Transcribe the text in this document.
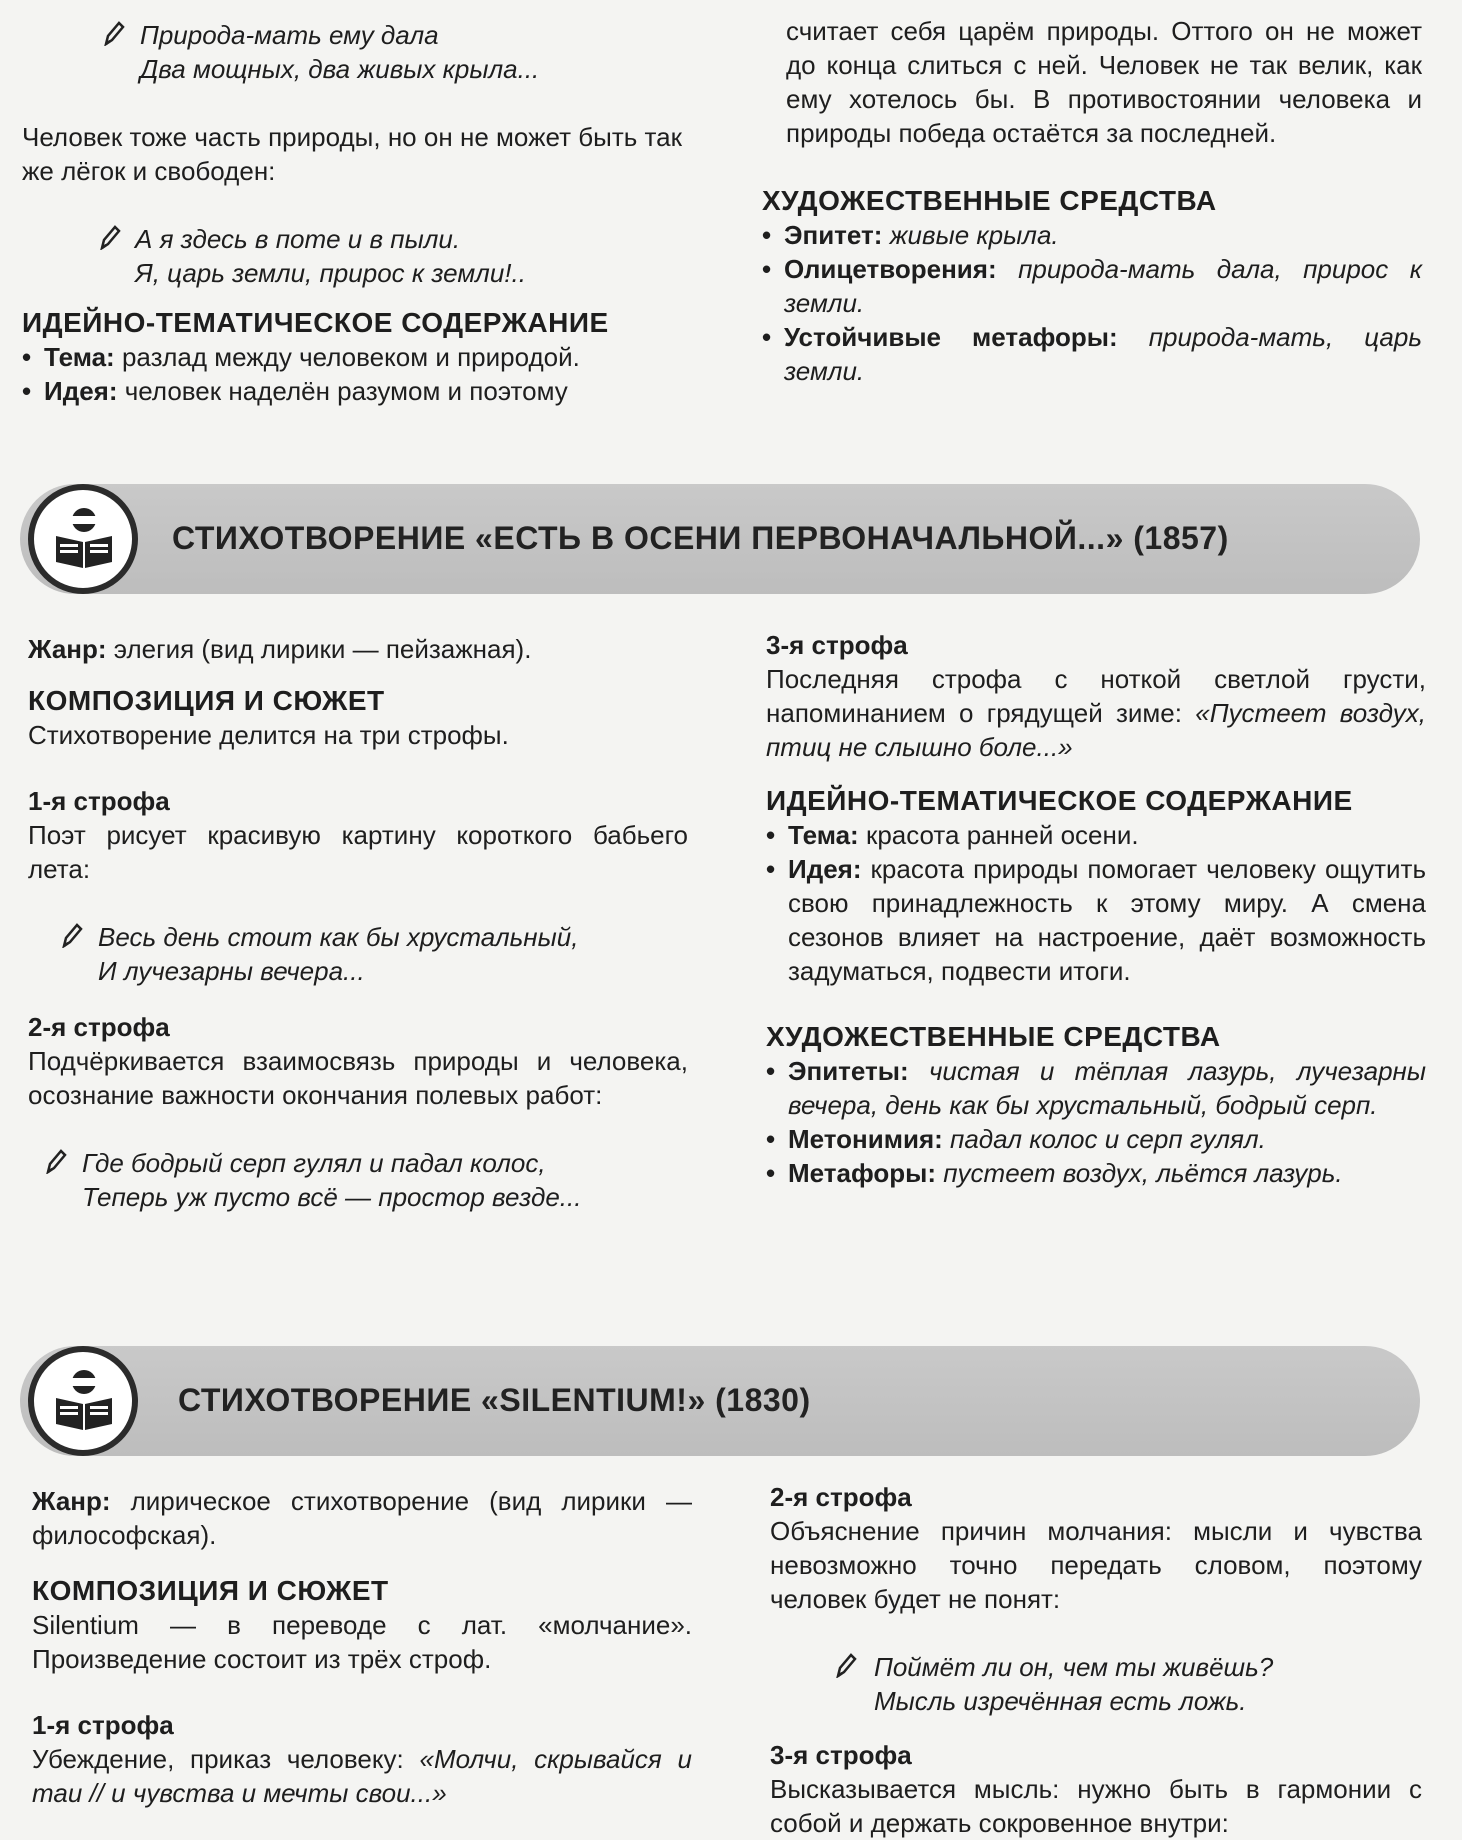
Природа-мать ему дала

Два мощных, два живых крыла...

Человек тоже часть природы, но он не может быть так же лёгок и свободен:

А я здесь в поте и в пыли.

Я, царь земли, прирос к земли!..

ИДЕЙНО-ТЕМАТИЧЕСКОЕ СОДЕРЖАНИЕ
• Тема: разлад между человеком и природой.
• Идея: человек наделён разумом и поэтому

считает себя царём природы. Оттого он не может до конца слиться с ней. Человек не так велик, как ему хотелось бы. В противостоянии человека и природы победа остаётся за последней.

ХУДОЖЕСТВЕННЫЕ СРЕДСТВА
• Эпитет: живые крыла.
• Олицетворения: природа-мать дала, прирос к земли.
• Устойчивые метафоры: природа-мать, царь земли.
СТИХОТВОРЕНИЕ «ЕСТЬ В ОСЕНИ ПЕРВОНАЧАЛЬНОЙ...» (1857)

Жанр: элегия (вид лирики — пейзажная).

КОМПОЗИЦИЯ И СЮЖЕТ

Стихотворение делится на три строфы.

1-я строфа

Поэт рисует красивую картину короткого бабьего лета:

Весь день стоит как бы хрустальный,

И лучезарны вечера...

2-я строфа

Подчёркивается взаимосвязь природы и человека, осознание важности окончания полевых работ:

Где бодрый серп гулял и падал колос,

Теперь уж пусто всё — простор везде...

3-я строфа

Последняя строфа с ноткой светлой грусти, напоминанием о грядущей зиме: «Пустеет воздух, птиц не слышно боле...»

ИДЕЙНО-ТЕМАТИЧЕСКОЕ СОДЕРЖАНИЕ
• Тема: красота ранней осени.
• Идея: красота природы помогает человеку ощутить свою принадлежность к этому миру. А смена сезонов влияет на настроение, даёт возможность задуматься, подвести итоги.
ХУДОЖЕСТВЕННЫЕ СРЕДСТВА
• Эпитеты: чистая и тёплая лазурь, лучезарны вечера, день как бы хрустальный, бодрый серп.
• Метонимия: падал колос и серп гулял.
• Метафоры: пустеет воздух, льётся лазурь.
СТИХОТВОРЕНИЕ «SILENTIUM!» (1830)

Жанр: лирическое стихотворение (вид лирики — философская).

КОМПОЗИЦИЯ И СЮЖЕТ

Silentium — в переводе с лат. «молчание». Произведение состоит из трёх строф.

1-я строфа

Убеждение, приказ человеку: «Молчи, скрывайся и таи // и чувства и мечты свои...»

2-я строфа

Объяснение причин молчания: мысли и чувства невозможно точно передать словом, поэтому человек будет не понят:

Поймёт ли он, чем ты живёшь?

Мысль изречённая есть ложь.

3-я строфа

Высказывается мысль: нужно быть в гармонии с собой и держать сокровенное внутри:
